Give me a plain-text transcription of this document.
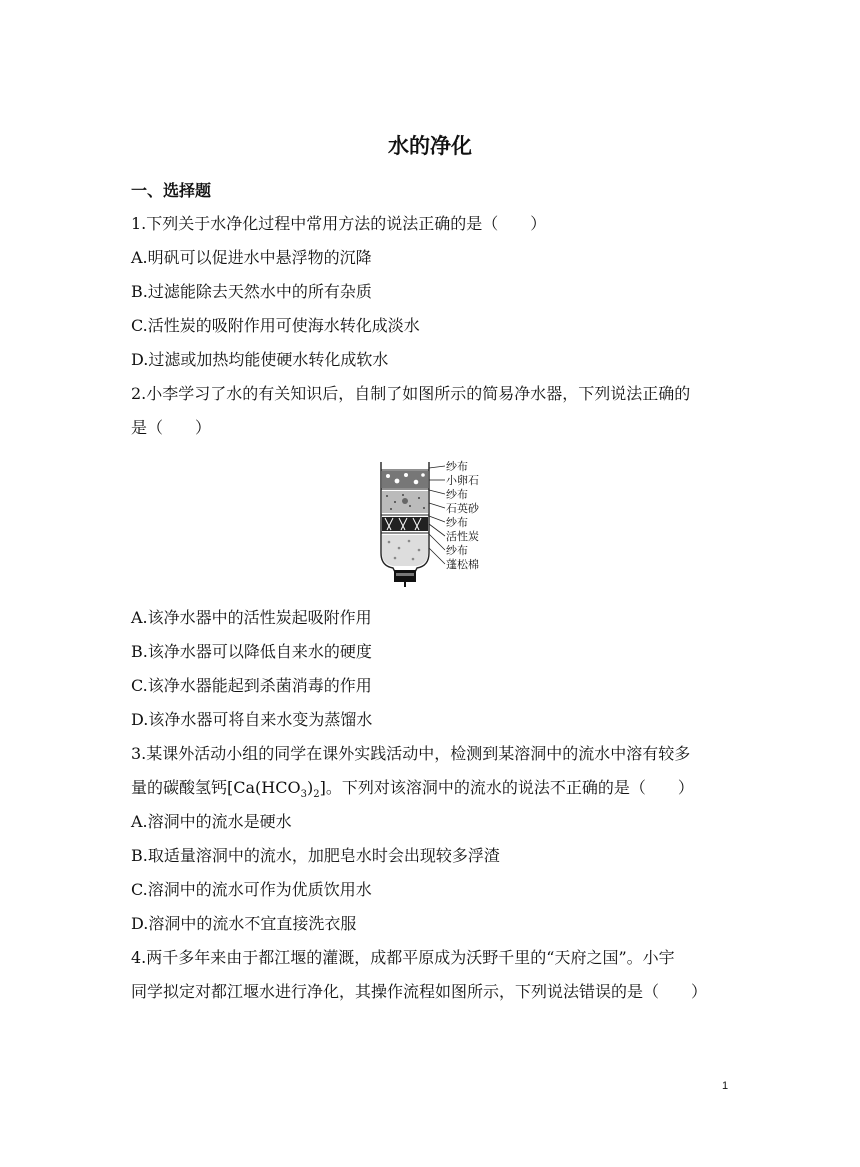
水的净化
一、选择题
1.下列关于水净化过程中常用方法的说法正确的是（　　）
A.明矾可以促进水中悬浮物的沉降
B.过滤能除去天然水中的所有杂质
C.活性炭的吸附作用可使海水转化成淡水
D.过滤或加热均能使硬水转化成软水
2.小李学习了水的有关知识后，自制了如图所示的简易净水器，下列说法正确的
是（　　）
纱布
小卵石
纱布
石英砂
纱布
活性炭
纱布
蓬松棉
A.该净水器中的活性炭起吸附作用
B.该净水器可以降低自来水的硬度
C.该净水器能起到杀菌消毒的作用
D.该净水器可将自来水变为蒸馏水
3.某课外活动小组的同学在课外实践活动中，检测到某溶洞中的流水中溶有较多
量的碳酸氢钙$[Ca(HCO_3)_2]$。下列对该溶洞中的流水的说法不正确的是（　　）
A.溶洞中的流水是硬水
B.取适量溶洞中的流水，加肥皂水时会出现较多浮渣
C.溶洞中的流水可作为优质饮用水
D.溶洞中的流水不宜直接洗衣服
4.两千多年来由于都江堰的灌溉，成都平原成为沃野千里的“天府之国”。小宇
同学拟定对都江堰水进行净化，其操作流程如图所示，下列说法错误的是（　　）
1
